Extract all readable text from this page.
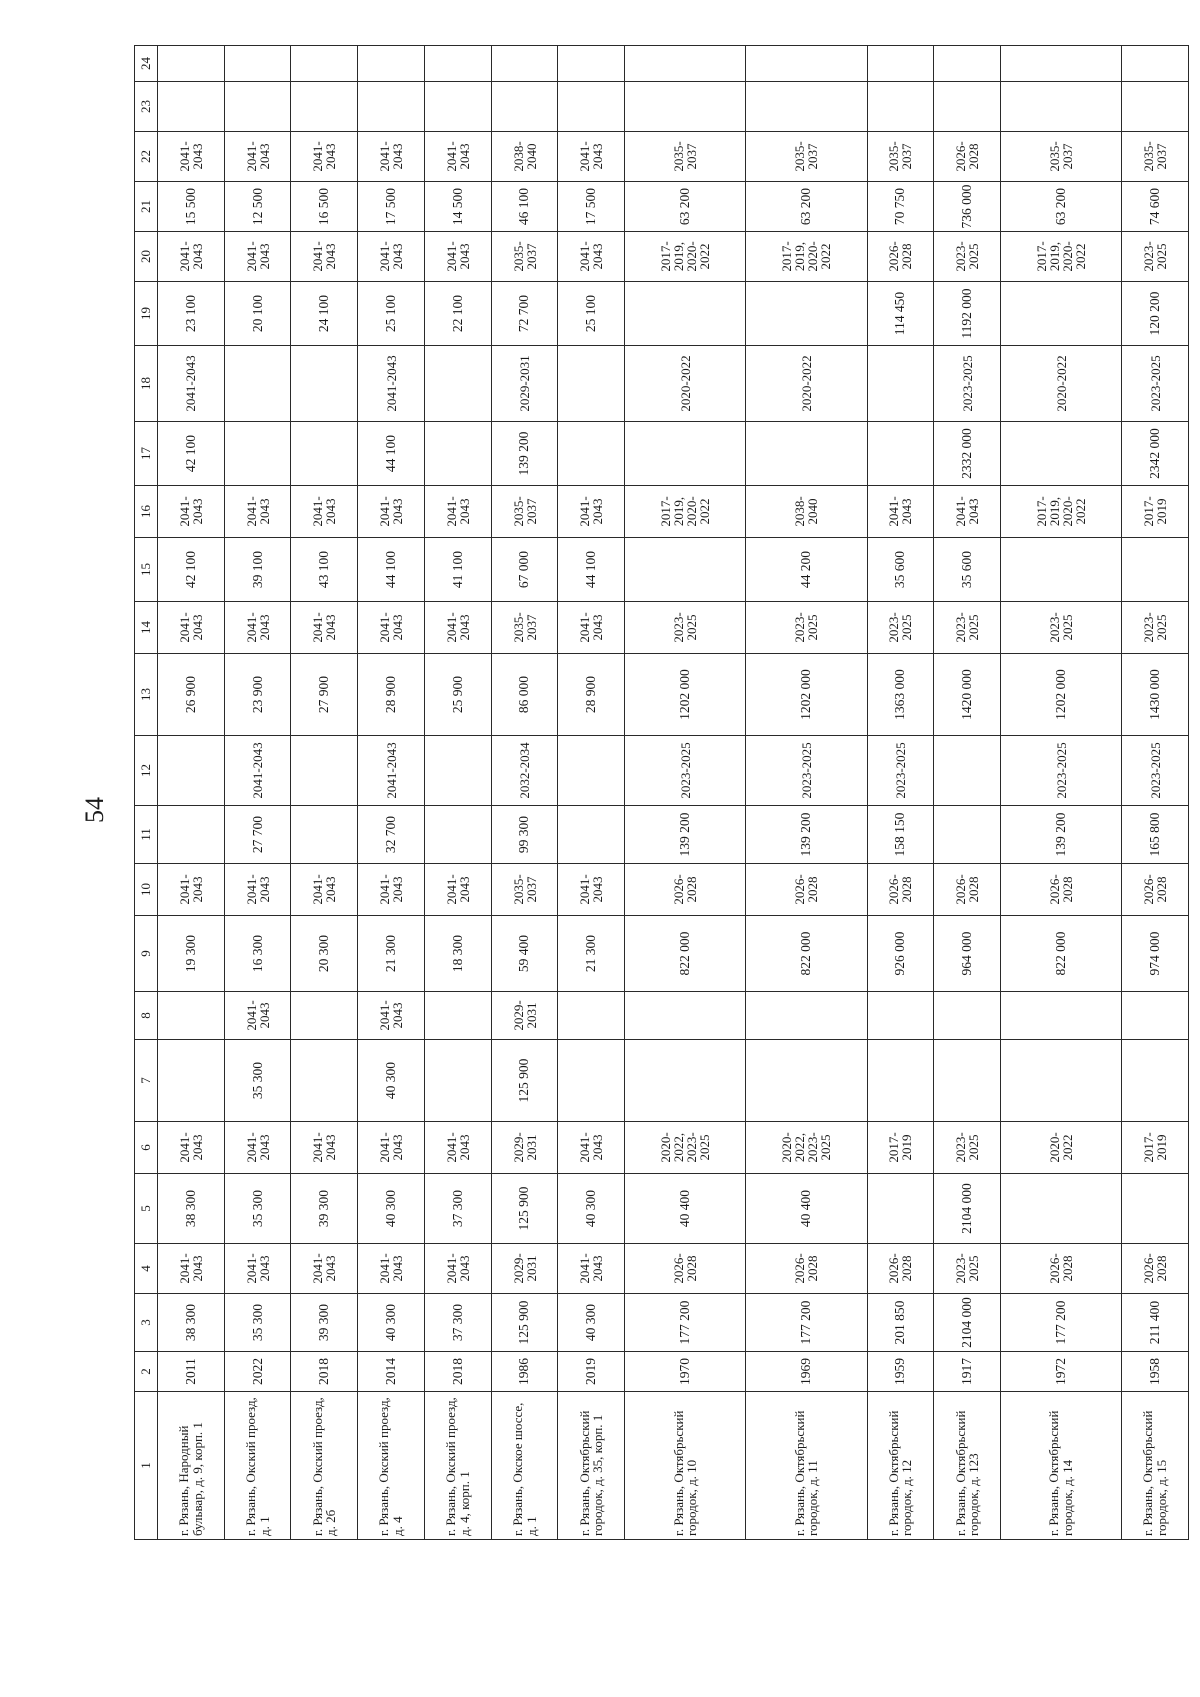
54
1	2	3	4	5	6	7	8	9	10	11	12	13	14	15	16	17	18	19	20	21	22	23	24
г. Рязань, Народный бульвар, д. 9, корп. 1	2011	38 300	2041-2043	38 300	2041-2043			19 300	2041-2043			26 900	2041-2043	42 100	2041-2043	42 100	2041-2043	23 100	2041-2043	15 500	2041-2043		
г. Рязань, Окский проезд, д. 1	2022	35 300	2041-2043	35 300	2041-2043	35 300	2041-2043	16 300	2041-2043	27 700	2041-2043	23 900	2041-2043	39 100	2041-2043			20 100	2041-2043	12 500	2041-2043		
г. Рязань, Окский проезд, д. 2б	2018	39 300	2041-2043	39 300	2041-2043			20 300	2041-2043			27 900	2041-2043	43 100	2041-2043			24 100	2041-2043	16 500	2041-2043		
г. Рязань, Окский проезд, д. 4	2014	40 300	2041-2043	40 300	2041-2043	40 300	2041-2043	21 300	2041-2043	32 700	2041-2043	28 900	2041-2043	44 100	2041-2043	44 100	2041-2043	25 100	2041-2043	17 500	2041-2043		
г. Рязань, Окский проезд, д. 4, корп. 1	2018	37 300	2041-2043	37 300	2041-2043			18 300	2041-2043			25 900	2041-2043	41 100	2041-2043			22 100	2041-2043	14 500	2041-2043		
г. Рязань, Окское шоссе, д. 1	1986	125 900	2029-2031	125 900	2029-2031	125 900	2029-2031	59 400	2035-2037	99 300	2032-2034	86 000	2035-2037	67 000	2035-2037	139 200	2029-2031	72 700	2035-2037	46 100	2038-2040		
г. Рязань, Октябрьский городок, д. 35, корп. 1	2019	40 300	2041-2043	40 300	2041-2043			21 300	2041-2043			28 900	2041-2043	44 100	2041-2043			25 100	2041-2043	17 500	2041-2043		
г. Рязань, Октябрьский городок, д. 10	1970	177 200	2026-2028	40 400	2020-2022, 2023-2025			822 000	2026-2028	139 200	2023-2025	1202 000	2023-2025		2017-2019, 2020-2022		2020-2022		2017-2019, 2020-2022	63 200	2035-2037		
г. Рязань, Октябрьский городок, д. 11	1969	177 200	2026-2028	40 400	2020-2022, 2023-2025			822 000	2026-2028	139 200	2023-2025	1202 000	2023-2025	44 200	2038-2040		2020-2022		2017-2019, 2020-2022	63 200	2035-2037		
г. Рязань, Октябрьский городок, д. 12	1959	201 850	2026-2028		2017-2019			926 000	2026-2028	158 150	2023-2025	1363 000	2023-2025	35 600	2041-2043			114 450	2026-2028	70 750	2035-2037		
г. Рязань, Октябрьский городок, д. 123	1917	2104 000	2023-2025	2104 000	2023-2025			964 000	2026-2028			1420 000	2023-2025	35 600	2041-2043	2332 000	2023-2025	1192 000	2023-2025	736 000	2026-2028		
г. Рязань, Октябрьский городок, д. 14	1972	177 200	2026-2028		2020-2022			822 000	2026-2028	139 200	2023-2025	1202 000	2023-2025		2017-2019, 2020-2022		2020-2022		2017-2019, 2020-2022	63 200	2035-2037		
г. Рязань, Октябрьский городок, д. 15	1958	211 400	2026-2028		2017-2019			974 000	2026-2028	165 800	2023-2025	1430 000	2023-2025		2017-2019	2342 000	2023-2025	120 200	2023-2025	74 600	2035-2037		
